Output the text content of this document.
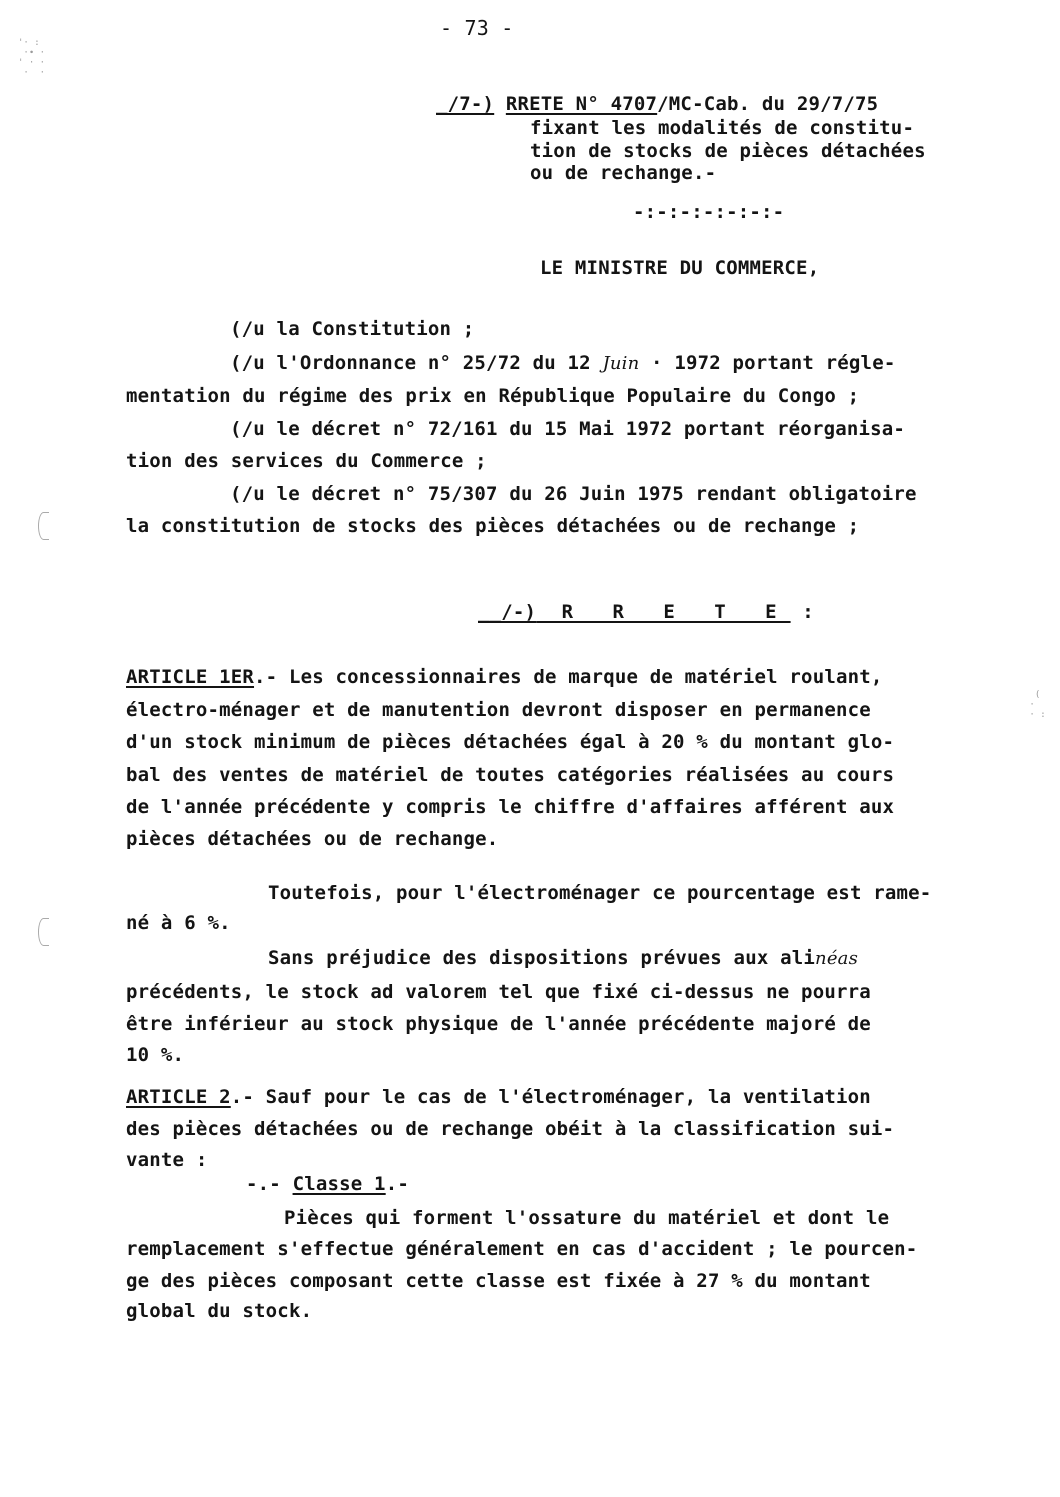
'· :
·∙ ·
' · ·
·  ·
(
·
· :
- 73 -
_/7-) RRETE N° 4707/MC-Cab. du 29/7/75
fixant les modalités de constitu-
tion de stocks de pièces détachées
ou de rechange.-
-:-:-:-:-:-:-
LE MINISTRE DU COMMERCE,
(/u la Constitution ;
(/u l'Ordonnance n° 25/72 du 12 Juin · 1972 portant régle-
mentation du régime des prix en République Populaire du Congo ;
(/u le décret n° 72/161 du 15 Mai 1972 portant réorganisa-
tion des services du Commerce ;
(/u le décret n° 75/307 du 26 Juin 1975 rendant obligatoire
la constitution de stocks des pièces détachées ou de rechange ;
__/-) R R E T E :
ARTICLE 1ER.- Les concessionnaires de marque de matériel roulant,
électro-ménager et de manutention devront disposer en permanence
d'un stock minimum de pièces détachées égal à 20 % du montant glo-
bal des ventes de matériel de toutes catégories réalisées au cours
de l'année précédente y compris le chiffre d'affaires afférent aux
pièces détachées ou de rechange.
Toutefois, pour l'électroménager ce pourcentage est rame-
né à 6 %.
Sans préjudice des dispositions prévues aux alinéas
précédents, le stock ad valorem tel que fixé ci-dessus ne pourra
être inférieur au stock physique de l'année précédente majoré de
10 %.
ARTICLE 2.- Sauf pour le cas de l'électroménager, la ventilation
des pièces détachées ou de rechange obéit à la classification sui-
vante :
-.- Classe 1.-
Pièces qui forment l'ossature du matériel et dont le
remplacement s'effectue généralement en cas d'accident ; le pourcen-
ge des pièces composant cette classe est fixée à 27 % du montant
global du stock.
